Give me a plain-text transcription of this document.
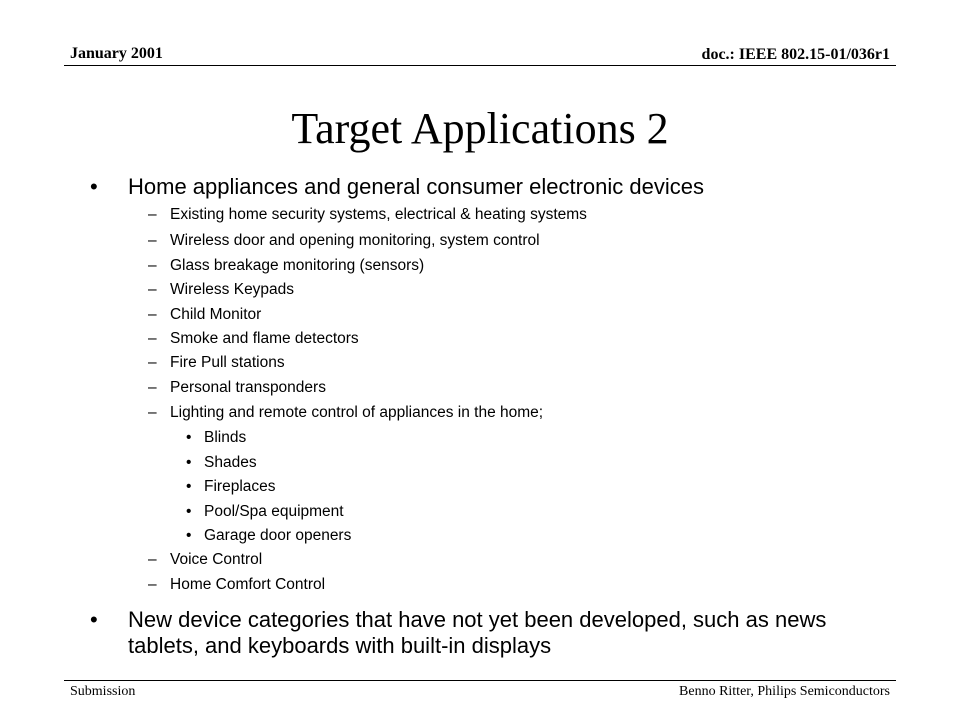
January 2001	doc.: IEEE 802.15-01/036r1
Target Applications 2
•	Home appliances and general consumer electronic devices
– Existing home security systems, electrical & heating systems
– Wireless door and opening monitoring, system control
– Glass breakage monitoring (sensors)
– Wireless Keypads
– Child Monitor
– Smoke and flame detectors
– Fire Pull stations
– Personal transponders
– Lighting and remote control of appliances in the home;
• Blinds
• Shades
• Fireplaces
• Pool/Spa equipment
• Garage door openers
– Voice Control
– Home Comfort Control
•	New device categories that have not yet been developed, such as news tablets, and keyboards with built-in displays
Submission	Benno Ritter, Philips Semiconductors
